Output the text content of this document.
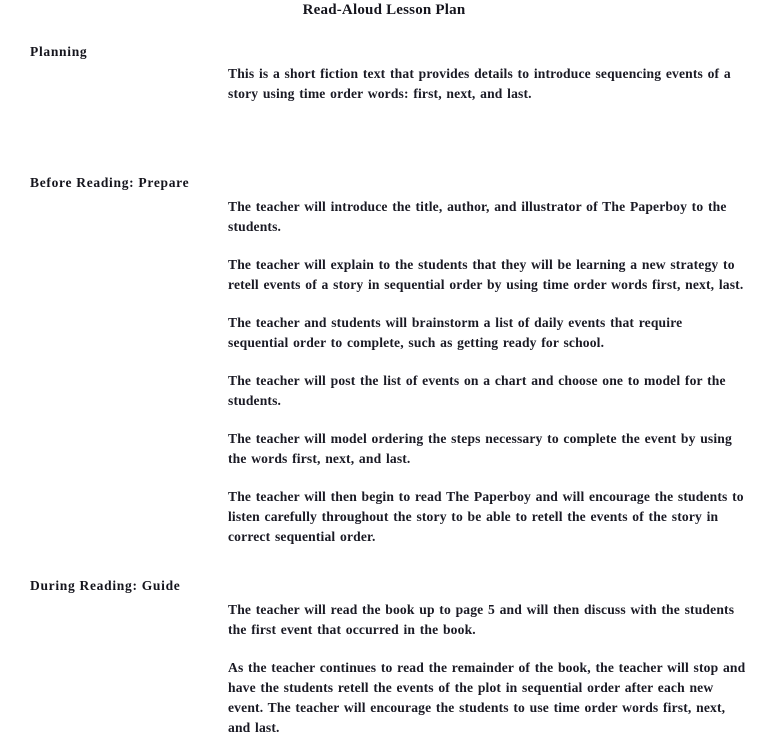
Read-Aloud Lesson Plan
Planning

This is a short fiction text that provides details to introduce sequencing events of a story using time order words: first, next, and last.

Before Reading: Prepare

The teacher will introduce the title, author, and illustrator of The Paperboy to the students.

The teacher will explain to the students that they will be learning a new strategy to retell events of a story in sequential order by using time order words first, next, last.

The teacher and students will brainstorm a list of daily events that require sequential order to complete, such as getting ready for school.

The teacher will post the list of events on a chart and choose one to model for the students.

The teacher will model ordering the steps necessary to complete the event by using the words first, next, and last.

The teacher will then begin to read The Paperboy and will encourage the students to listen carefully throughout the story to be able to retell the events of the story in correct sequential order.

During Reading: Guide

The teacher will read the book up to page 5 and will then discuss with the students the first event that occurred in the book.

As the teacher continues to read the remainder of the book, the teacher will stop and have the students retell the events of the plot in sequential order after each new event. The teacher will encourage the students to use time order words first, next, and last.
